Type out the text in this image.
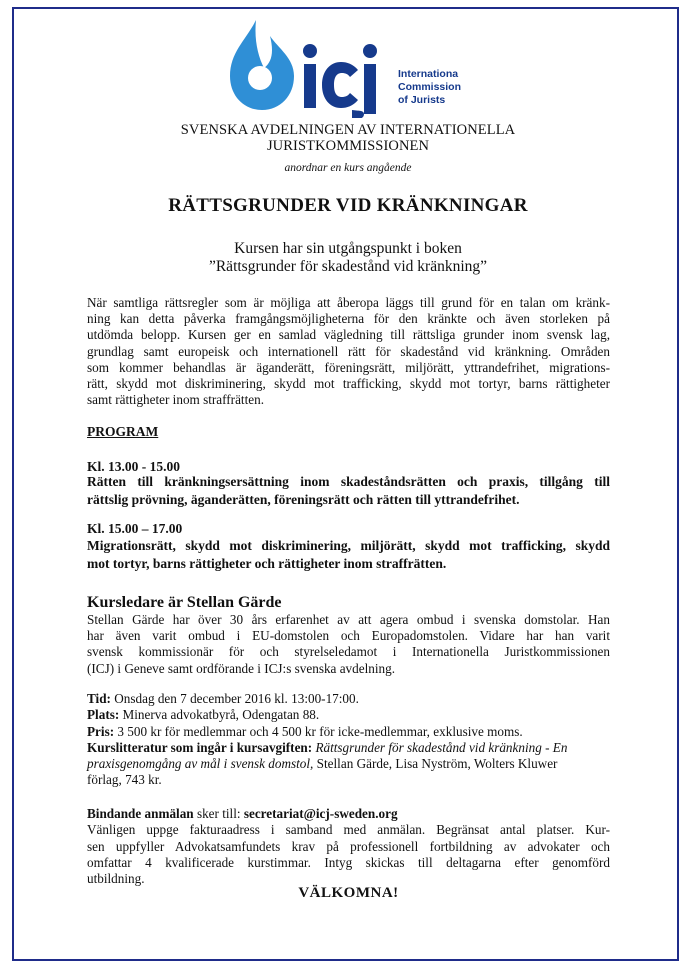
Internationa
Commission
of Jurists
SVENSKA AVDELNINGEN AV INTERNATIONELLA
JURISTKOMMISSIONEN
anordnar en kurs angående
RÄTTSGRUNDER VID KRÄNKNINGAR
Kursen har sin utgångspunkt i boken
”Rättsgrunder för skadestånd vid kränkning”
När samtliga rättsregler som är möjliga att åberopa läggs till grund för en talan om kränk-
ning kan detta påverka framgångsmöjligheterna för den kränkte och även storleken på
utdömda belopp. Kursen ger en samlad vägledning till rättsliga grunder inom svensk lag,
grundlag samt europeisk och internationell rätt för skadestånd vid kränkning. Områden
som kommer behandlas är äganderätt, föreningsrätt, miljörätt, yttrandefrihet, migrations-
rätt, skydd mot diskriminering, skydd mot trafficking, skydd mot tortyr, barns rättigheter
samt rättigheter inom straffrätten.
PROGRAM
Kl. 13.00 - 15.00
Rätten till kränkningsersättning inom skadeståndsrätten och praxis, tillgång till
rättslig prövning, äganderätten, föreningsrätt och rätten till yttrandefrihet.
Kl. 15.00 – 17.00
Migrationsrätt, skydd mot diskriminering, miljörätt, skydd mot trafficking, skydd
mot tortyr, barns rättigheter och rättigheter inom straffrätten.
Kursledare är Stellan Gärde
Stellan Gärde har över 30 års erfarenhet av att agera ombud i svenska domstolar. Han
har även varit ombud i EU-domstolen och Europadomstolen. Vidare har han varit
svensk kommissionär för och styrelseledamot i Internationella Juristkommissionen
(ICJ) i Geneve samt ordförande i ICJ:s svenska avdelning.
Tid: Onsdag den 7 december 2016 kl. 13:00-17:00.
Plats: Minerva advokatbyrå, Odengatan 88.
Pris: 3 500 kr för medlemmar och 4 500 kr för icke-medlemmar, exklusive moms.
Kurslitteratur som ingår i kursavgiften: Rättsgrunder för skadestånd vid kränkning - En
praxisgenomgång av mål i svensk domstol, Stellan Gärde, Lisa Nyström, Wolters Kluwer
förlag, 743 kr.
Bindande anmälan sker till: secretariat@icj-sweden.org
Vänligen uppge fakturaadress i samband med anmälan. Begränsat antal platser. Kur-
sen uppfyller Advokatsamfundets krav på professionell fortbildning av advokater och
omfattar 4 kvalificerade kurstimmar. Intyg skickas till deltagarna efter genomförd
utbildning.
VÄLKOMNA!
